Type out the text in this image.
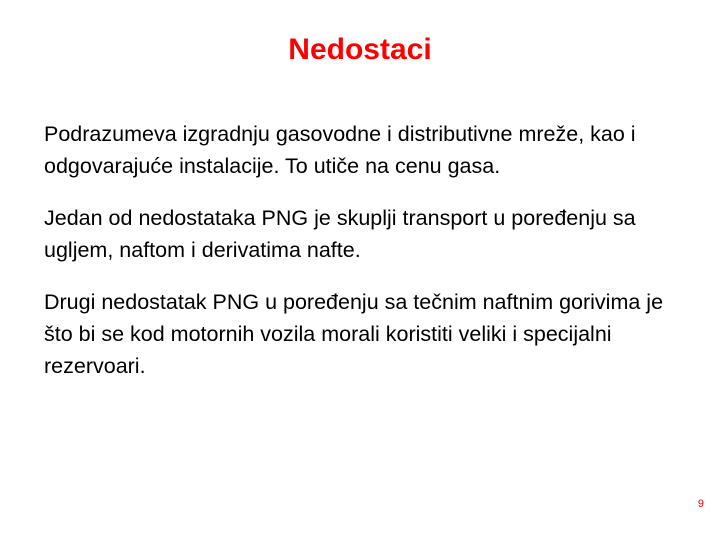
Nedostaci

Podrazumeva izgradnju gasovodne i distributivne mreže, kao i odgovarajuće instalacije. To utiče na cenu gasa.

Jedan od nedostataka PNG je skuplji transport u poređenju sa ugljem, naftom i derivatima nafte.

Drugi nedostatak PNG u poređenju sa tečnim naftnim gorivima je što bi se kod motornih vozila morali koristiti veliki i specijalni rezervoari.

9
